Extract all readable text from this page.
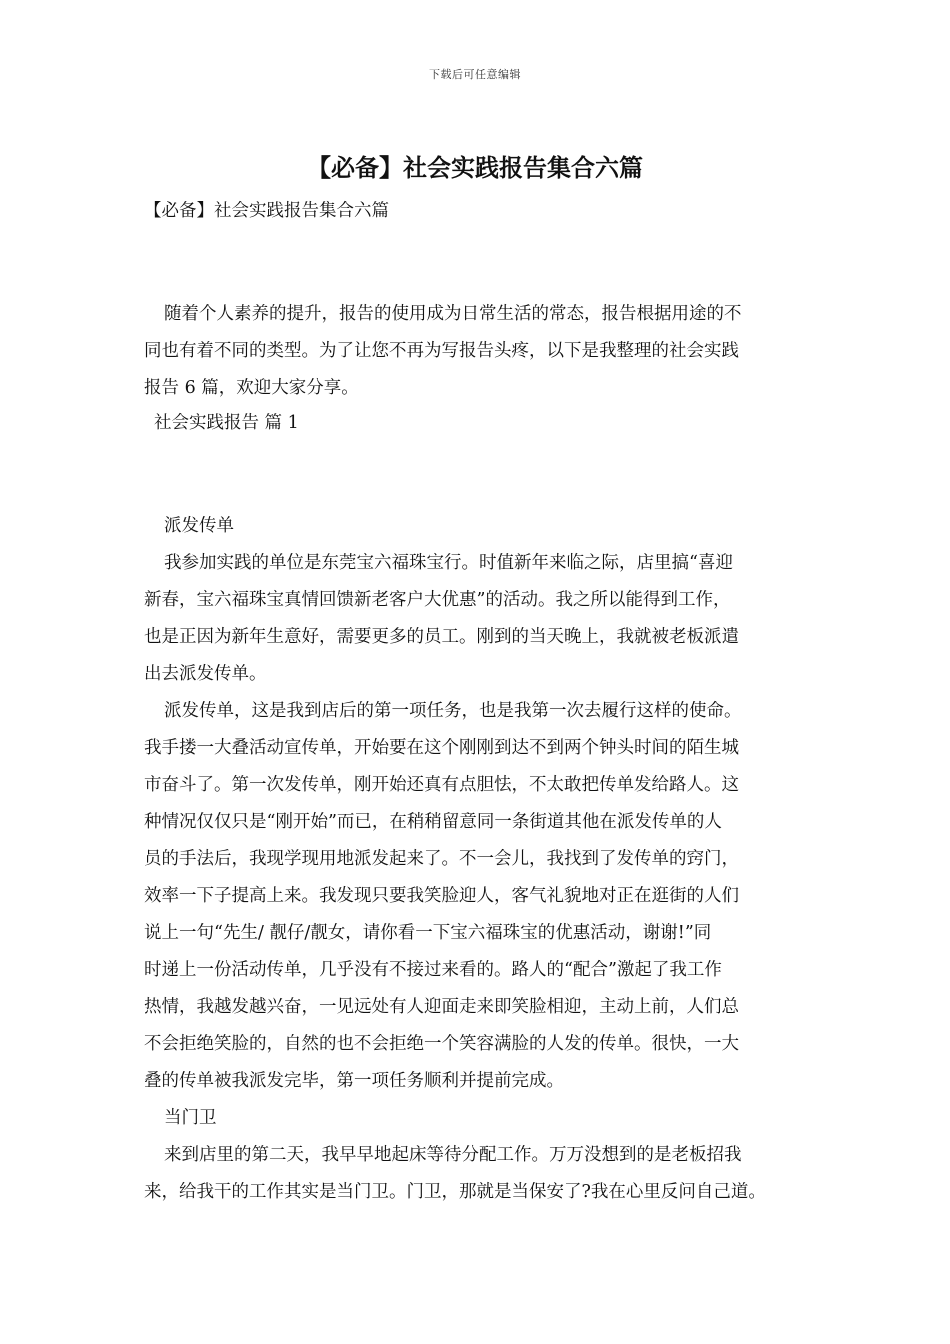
下载后可任意编辑
【必备】社会实践报告集合六篇
【必备】社会实践报告集合六篇
随着个人素养的提升，报告的使用成为日常生活的常态，报告根据用途的不
同也有着不同的类型。为了让您不再为写报告头疼，以下是我整理的社会实践
报告 6 篇，欢迎大家分享。
社会实践报告 篇 1
派发传单
我参加实践的单位是东莞宝六福珠宝行。时值新年来临之际，店里搞“喜迎
新春，宝六福珠宝真情回馈新老客户大优惠”的活动。我之所以能得到工作，
也是正因为新年生意好，需要更多的员工。刚到的当天晚上，我就被老板派遣
出去派发传单。
派发传单，这是我到店后的第一项任务，也是我第一次去履行这样的使命。
我手搂一大叠活动宣传单，开始要在这个刚刚到达不到两个钟头时间的陌生城
市奋斗了。第一次发传单，刚开始还真有点胆怯，不太敢把传单发给路人。这
种情况仅仅只是“刚开始”而已，在稍稍留意同一条街道其他在派发传单的人
员的手法后，我现学现用地派发起来了。不一会儿，我找到了发传单的窍门，
效率一下子提高上来。我发现只要我笑脸迎人，客气礼貌地对正在逛街的人们
说上一句“先生/ 靓仔/靓女，请你看一下宝六福珠宝的优惠活动，谢谢!”同
时递上一份活动传单，几乎没有不接过来看的。路人的“配合”激起了我工作
热情，我越发越兴奋，一见远处有人迎面走来即笑脸相迎，主动上前，人们总
不会拒绝笑脸的，自然的也不会拒绝一个笑容满脸的人发的传单。很快，一大
叠的传单被我派发完毕，第一项任务顺利并提前完成。
当门卫
来到店里的第二天，我早早地起床等待分配工作。万万没想到的是老板招我
来，给我干的工作其实是当门卫。门卫，那就是当保安了?我在心里反问自己道。
